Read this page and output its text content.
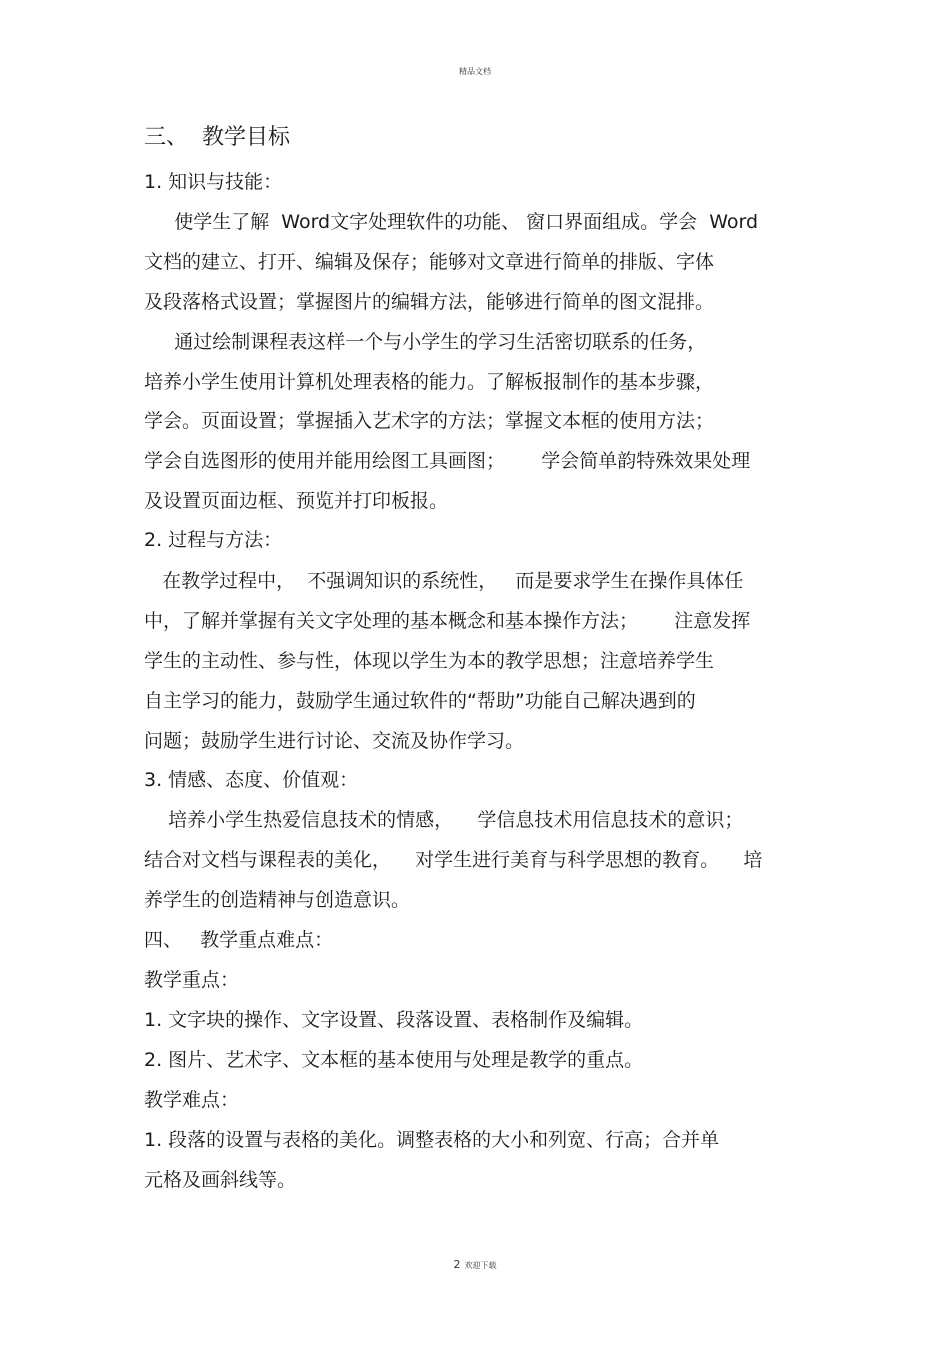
精品文档
三、  教学目标
1. 知识与技能：
使学生了解  Word文字处理软件的功能、 窗口界面组成。学会  Word
文档的建立、打开、编辑及保存；能够对文章进行简单的排版、字体
及段落格式设置；掌握图片的编辑方法，能够进行简单的图文混排。
通过绘制课程表这样一个与小学生的学习生活密切联系的任务，
培养小学生使用计算机处理表格的能力。了解板报制作的基本步骤，
学会。页面设置；掌握插入艺术字的方法；掌握文本框的使用方法；
学会自选图形的使用并能用绘图工具画图；      学会简单韵特殊效果处理
及设置页面边框、预览并打印板报。
2. 过程与方法：
在教学过程中，  不强调知识的系统性，   而是要求学生在操作具体任
中，了解并掌握有关文字处理的基本概念和基本操作方法；      注意发挥
学生的主动性、参与性，体现以学生为本的教学思想；注意培养学生
自主学习的能力，鼓励学生通过软件的“帮助”功能自己解决遇到的
问题；鼓励学生进行讨论、交流及协作学习。
3. 情感、态度、价值观：
培养小学生热爱信息技术的情感，    学信息技术用信息技术的意识；
结合对文档与课程表的美化，    对学生进行美育与科学思想的教育。    培
养学生的创造精神与创造意识。
四、   教学重点难点：
教学重点：
1. 文字块的操作、文字设置、段落设置、表格制作及编辑。
2. 图片、艺术字、文本框的基本使用与处理是教学的重点。
教学难点：
1. 段落的设置与表格的美化。调整表格的大小和列宽、行高；合并单
元格及画斜线等。
2 欢迎下载
